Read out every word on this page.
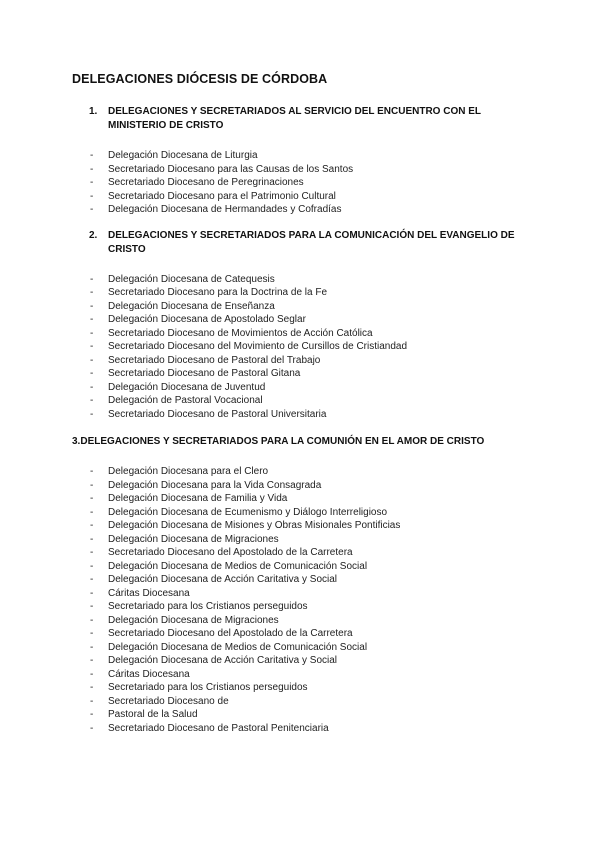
DELEGACIONES DIÓCESIS DE CÓRDOBA
1.	DELEGACIONES Y SECRETARIADOS AL SERVICIO DEL ENCUENTRO CON EL MINISTERIO DE CRISTO
-	Delegación Diocesana de Liturgia
-	Secretariado Diocesano para las Causas de los Santos
-	Secretariado Diocesano de Peregrinaciones
-	Secretariado Diocesano para el Patrimonio Cultural
-	Delegación Diocesana de Hermandades y Cofradías
2.	DELEGACIONES Y SECRETARIADOS PARA LA COMUNICACIÓN DEL EVANGELIO DE CRISTO
-	Delegación Diocesana de Catequesis
-	Secretariado Diocesano para la Doctrina de la Fe
-	Delegación Diocesana de Enseñanza
-	Delegación Diocesana de Apostolado Seglar
-	Secretariado Diocesano de Movimientos de Acción Católica
-	Secretariado Diocesano del Movimiento de Cursillos de Cristiandad
-	Secretariado Diocesano de Pastoral del Trabajo
-	Secretariado Diocesano de Pastoral Gitana
-	Delegación Diocesana de Juventud
-	Delegación de Pastoral Vocacional
-	Secretariado Diocesano de Pastoral Universitaria
3. DELEGACIONES Y SECRETARIADOS PARA LA COMUNIÓN EN EL AMOR DE CRISTO
-	Delegación Diocesana para el Clero
-	Delegación Diocesana para la Vida Consagrada
-	Delegación Diocesana de Familia y Vida
-	Delegación Diocesana de Ecumenismo y Diálogo Interreligioso
-	Delegación Diocesana de Misiones y Obras Misionales Pontificias
-	Delegación Diocesana de Migraciones
-	Secretariado Diocesano del Apostolado de la Carretera
-	Delegación Diocesana de Medios de Comunicación Social
-	Delegación Diocesana de Acción Caritativa y Social
-	Cáritas Diocesana
-	Secretariado para los Cristianos perseguidos
-	Delegación Diocesana de Migraciones
-	Secretariado Diocesano del Apostolado de la Carretera
-	Delegación Diocesana de Medios de Comunicación Social
-	Delegación Diocesana de Acción Caritativa y Social
-	Cáritas Diocesana
-	Secretariado para los Cristianos perseguidos
-	Secretariado Diocesano de
-	Pastoral de la Salud
-	Secretariado Diocesano de Pastoral Penitenciaria
